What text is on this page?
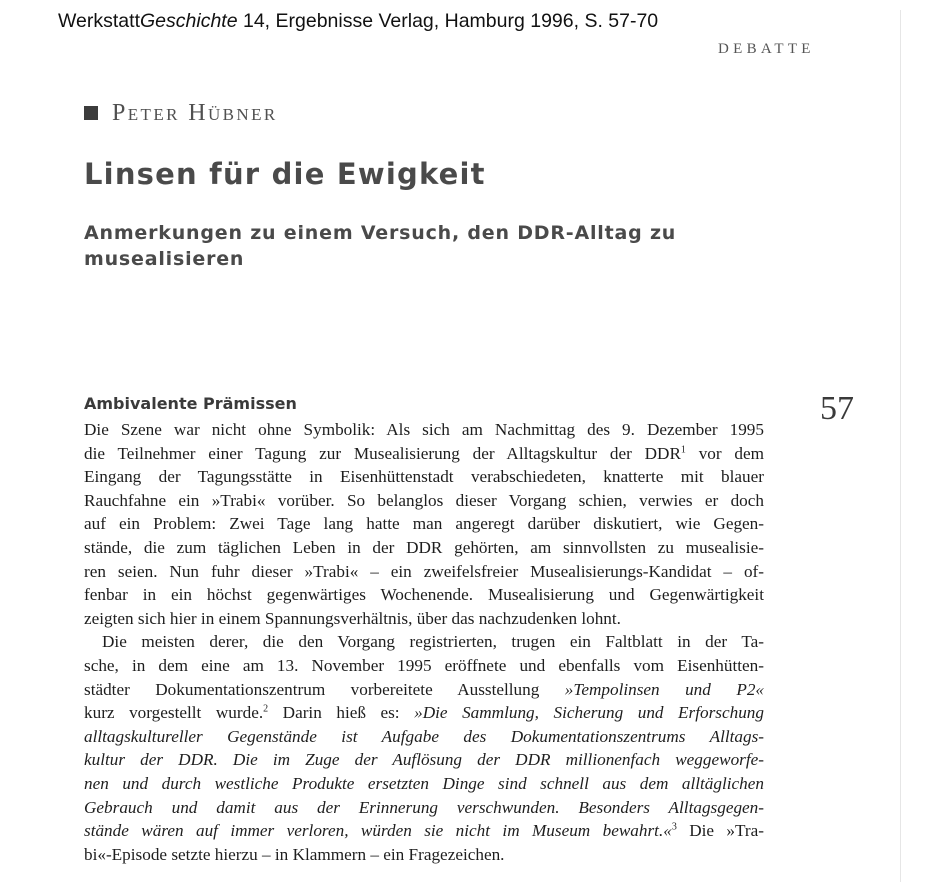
WerkstattGeschichte 14, Ergebnisse Verlag, Hamburg 1996, S. 57-70

DEBATTE

Peter Hübner

Linsen für die Ewigkeit
Anmerkungen zu einem Versuch, den DDR-Alltag zu musealisieren

57

Ambivalente Prämissen
Die Szene war nicht ohne Symbolik: Als sich am Nachmittag des 9. Dezember 1995
die Teilnehmer einer Tagung zur Musealisierung der Alltagskultur der DDR$^1$ vor dem
Eingang der Tagungsstätte in Eisenhüttenstadt verabschiedeten, knatterte mit blauer
Rauchfahne ein »Trabi« vorüber. So belanglos dieser Vorgang schien, verwies er doch
auf ein Problem: Zwei Tage lang hatte man angeregt darüber diskutiert, wie Gegen-
stände, die zum täglichen Leben in der DDR gehörten, am sinnvollsten zu musealisie-
ren seien. Nun fuhr dieser »Trabi« – ein zweifelsfreier Musealisierungs-Kandidat – of-
fenbar in ein höchst gegenwärtiges Wochenende. Musealisierung und Gegenwärtigkeit
zeigten sich hier in einem Spannungsverhältnis, über das nachzudenken lohnt.
Die meisten derer, die den Vorgang registrierten, trugen ein Faltblatt in der Ta-
sche, in dem eine am 13. November 1995 eröffnete und ebenfalls vom Eisenhütten-
städter Dokumentationszentrum vorbereitete Ausstellung »Tempolinsen und P2«
kurz vorgestellt wurde.$^2$ Darin hieß es: »Die Sammlung, Sicherung und Erforschung
alltagskultureller Gegenstände ist Aufgabe des Dokumentationszentrums Alltags-
kultur der DDR. Die im Zuge der Auflösung der DDR millionenfach weggeworfe-
nen und durch westliche Produkte ersetzten Dinge sind schnell aus dem alltäglichen
Gebrauch und damit aus der Erinnerung verschwunden. Besonders Alltagsgegen-
stände wären auf immer verloren, würden sie nicht im Museum bewahrt.«$^3$ Die »Tra-
bi«-Episode setzte hierzu – in Klammern – ein Fragezeichen.
